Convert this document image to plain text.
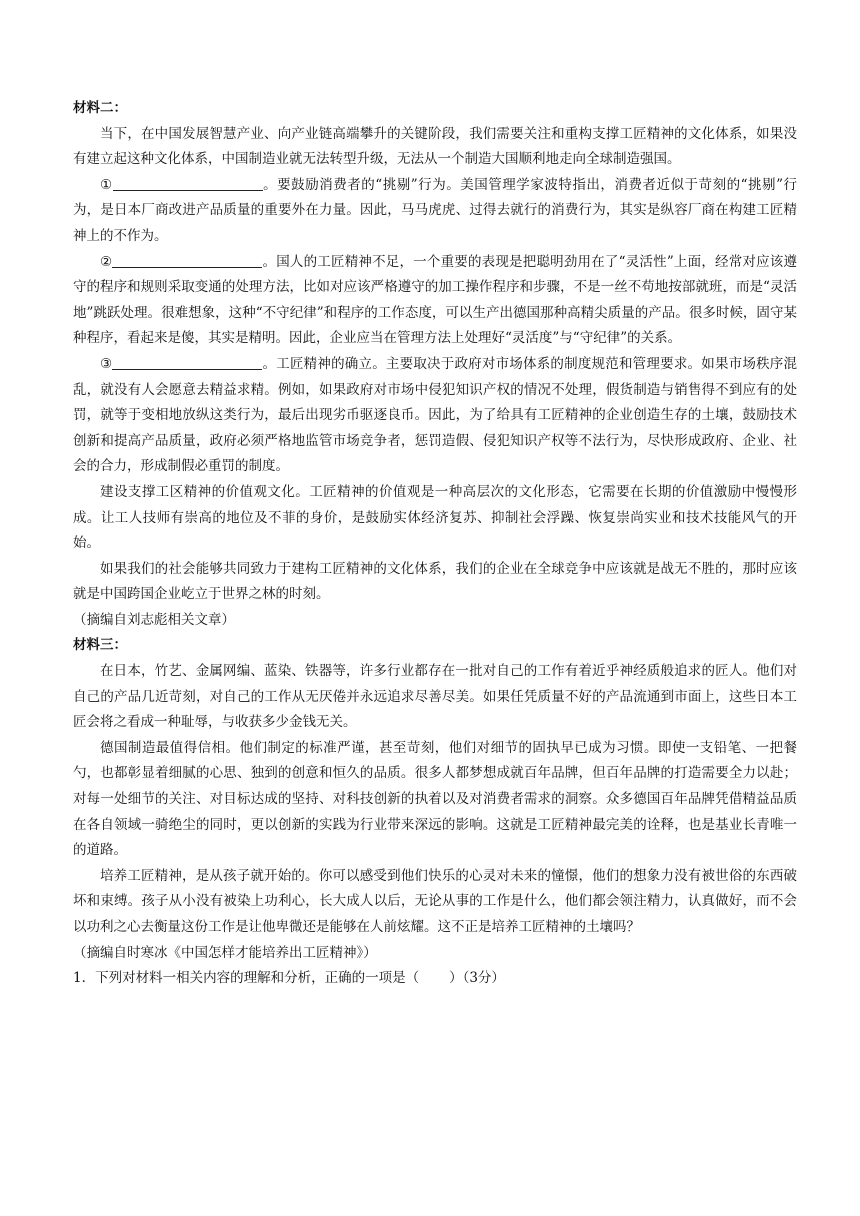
材料二：

当下，在中国发展智慧产业、向产业链高端攀升的关键阶段，我们需要关注和重构支撑工匠精神的文化体系，如果没有建立起这种文化体系，中国制造业就无法转型升级，无法从一个制造大国顺利地走向全球制造强国。

①	。要鼓励消费者的“挑剔”行为。美国管理学家波特指出，消费者近似于苛刻的“挑剔”行为，是日本厂商改进产品质量的重要外在力量。因此，马马虎虎、过得去就行的消费行为，其实是纵容厂商在构建工匠精神上的不作为。

②	。国人的工匠精神不足，一个重要的表现是把聪明劲用在了“灵活性”上面，经常对应该遵守的程序和规则采取变通的处理方法，比如对应该严格遵守的加工操作程序和步骤，不是一丝不苟地按部就班，而是“灵活地”跳跃处理。很难想象，这种“不守纪律”和程序的工作态度，可以生产出德国那种高精尖质量的产品。很多时候，固守某种程序，看起来是傻，其实是精明。因此，企业应当在管理方法上处理好“灵活度”与“守纪律”的关系。

③	。工匠精神的确立。主要取决于政府对市场体系的制度规范和管理要求。如果市场秩序混乱，就没有人会愿意去精益求精。例如，如果政府对市场中侵犯知识产权的情况不处理，假货制造与销售得不到应有的处罚，就等于变相地放纵这类行为，最后出现劣币驱逐良币。因此，为了给具有工匠精神的企业创造生存的土壤，鼓励技术创新和提高产品质量，政府必须严格地监管市场竞争者，惩罚造假、侵犯知识产权等不法行为，尽快形成政府、企业、社会的合力，形成制假必重罚的制度。

建设支撑工区精神的价值观文化。工匠精神的价值观是一种高层次的文化形态，它需要在长期的价值激励中慢慢形成。让工人技师有崇高的地位及不菲的身价，是鼓励实体经济复苏、抑制社会浮躁、恢复崇尚实业和技术技能风气的开始。

如果我们的社会能够共同致力于建构工匠精神的文化体系，我们的企业在全球竞争中应该就是战无不胜的，那时应该就是中国跨国企业屹立于世界之林的时刻。

（摘编自刘志彪相关文章）

材料三：

在日本，竹艺、金属网编、蓝染、铁器等，许多行业都存在一批对自己的工作有着近乎神经质般追求的匠人。他们对自己的产品几近苛刻，对自己的工作从无厌倦并永远追求尽善尽美。如果任凭质量不好的产品流通到市面上，这些日本工匠会将之看成一种耻辱，与收获多少金钱无关。

德国制造最值得信相。他们制定的标准严谨，甚至苛刻，他们对细节的固执早已成为习惯。即使一支铅笔、一把餐勺，也都彰显着细腻的心思、独到的创意和恒久的品质。很多人都梦想成就百年品牌，但百年品牌的打造需要全力以赴；对每一处细节的关注、对目标达成的坚持、对科技创新的执着以及对消费者需求的洞察。众多德国百年品牌凭借精益品质在各自领域一骑绝尘的同时，更以创新的实践为行业带来深远的影响。这就是工匠精神最完美的诠释，也是基业长青唯一的道路。

培养工匠精神，是从孩子就开始的。你可以感受到他们快乐的心灵对未来的憧憬，他们的想象力没有被世俗的东西破坏和束缚。孩子从小没有被染上功利心，长大成人以后，无论从事的工作是什么，他们都会领注精力，认真做好，而不会以功利之心去衡量这份工作是让他卑微还是能够在人前炫耀。这不正是培养工匠精神的土壤吗？

（摘编自时寒冰《中国怎样才能培养出工匠精神》）

1．下列对材料一相关内容的理解和分析，正确的一项是（ ）（3分）
